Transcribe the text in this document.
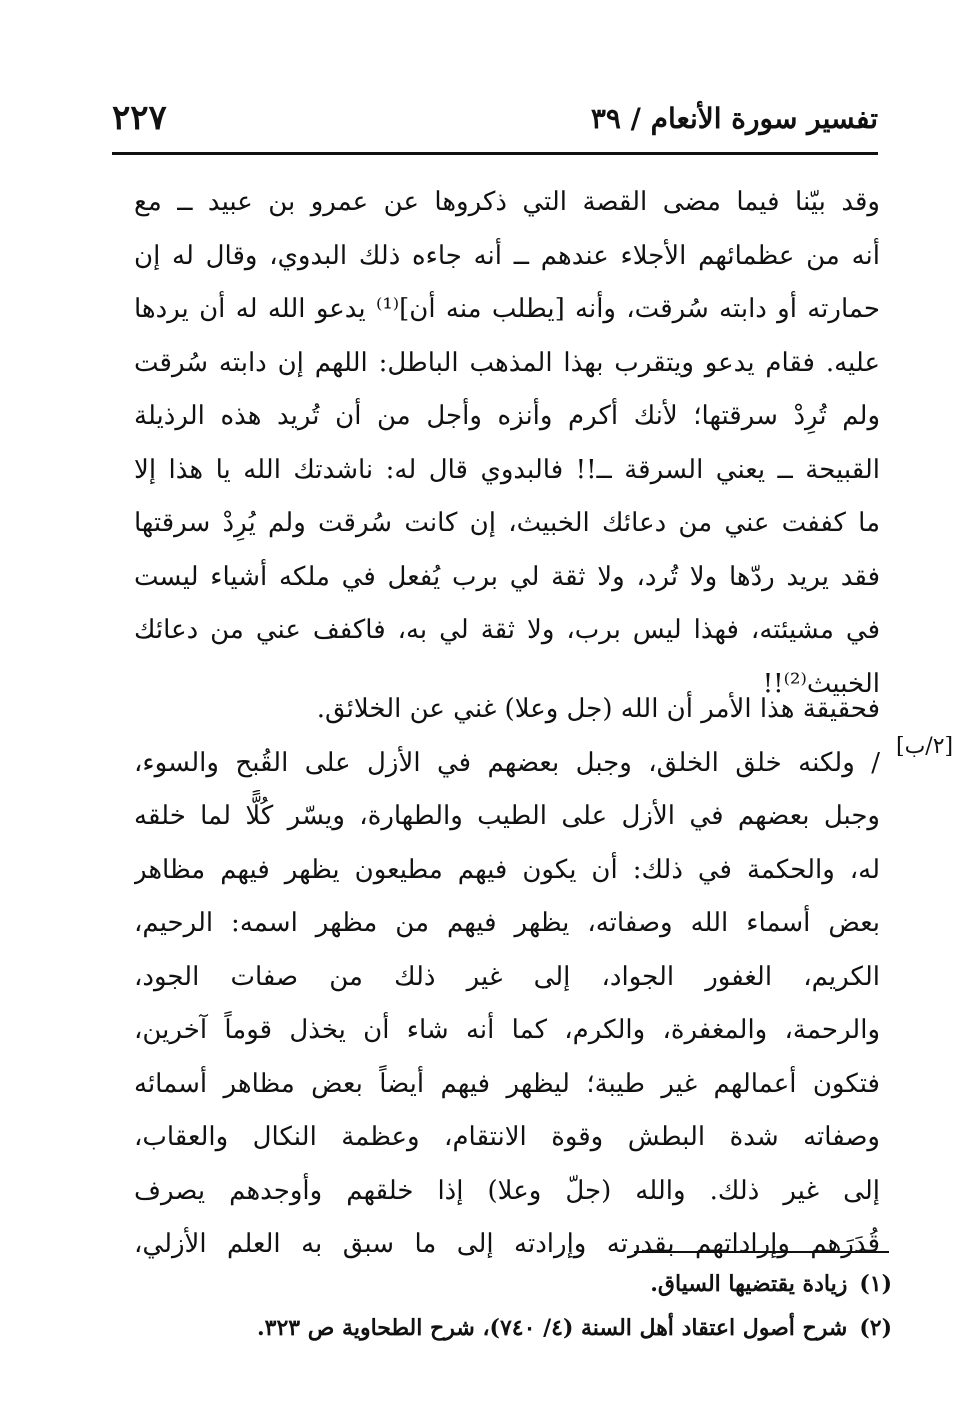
٢٢٧	تفسير سورة الأنعام / ٣٩
وقد بيّنا فيما مضى القصة التي ذكروها عن عمرو بن عبيد ــ مع
أنه من عظمائهم الأجلاء عندهم ــ أنه جاءه ذلك البدوي، وقال له إن
حمارته أو دابته سُرقت، وأنه [يطلب منه أن]⁽¹⁾ يدعو الله له أن يردها
عليه. فقام يدعو ويتقرب بهذا المذهب الباطل: اللهم إن دابته سُرقت
ولم تُرِدْ سرقتها؛ لأنك أكرم وأنزه وأجل من أن تُريد هذه الرذيلة
القبيحة ــ يعني السرقة ــ!! فالبدوي قال له: ناشدتك الله يا هذا إلا
ما كففت عني من دعائك الخبيث، إن كانت سُرقت ولم يُرِدْ سرقتها
فقد يريد ردّها ولا تُرد، ولا ثقة لي برب يُفعل في ملكه أشياء ليست
في مشيئته، فهذا ليس برب، ولا ثقة لي به، فاكفف عني من دعائك
الخبيث⁽²⁾!!
[٢/ب]
فحقيقة هذا الأمر أن الله (جل وعلا) غني عن الخلائق.
/ ولكنه خلق الخلق، وجبل بعضهم في الأزل على القُبح والسوء،
وجبل بعضهم في الأزل على الطيب والطهارة، ويسّر كُلًّا لما خلقه
له، والحكمة في ذلك: أن يكون فيهم مطيعون يظهر فيهم مظاهر
بعض أسماء الله وصفاته، يظهر فيهم من مظهر اسمه: الرحيم،
الكريم، الغفور الجواد، إلى غير ذلك من صفات الجود،
والرحمة، والمغفرة، والكرم، كما أنه شاء أن يخذل قوماً آخرين،
فتكون أعمالهم غير طيبة؛ ليظهر فيهم أيضاً بعض مظاهر أسمائه
وصفاته شدة البطش وقوة الانتقام، وعظمة النكال والعقاب،
إلى غير ذلك. والله (جلّ وعلا) إذا خلقهم وأوجدهم يصرف
قُدَرَهم وإراداتهم بقدرته وإرادته إلى ما سبق به العلم الأزلي،
(١)زيادة يقتضيها السياق.
(٢)شرح أصول اعتقاد أهل السنة (٤/ ٧٤٠)، شرح الطحاوية ص ٣٢٣.
